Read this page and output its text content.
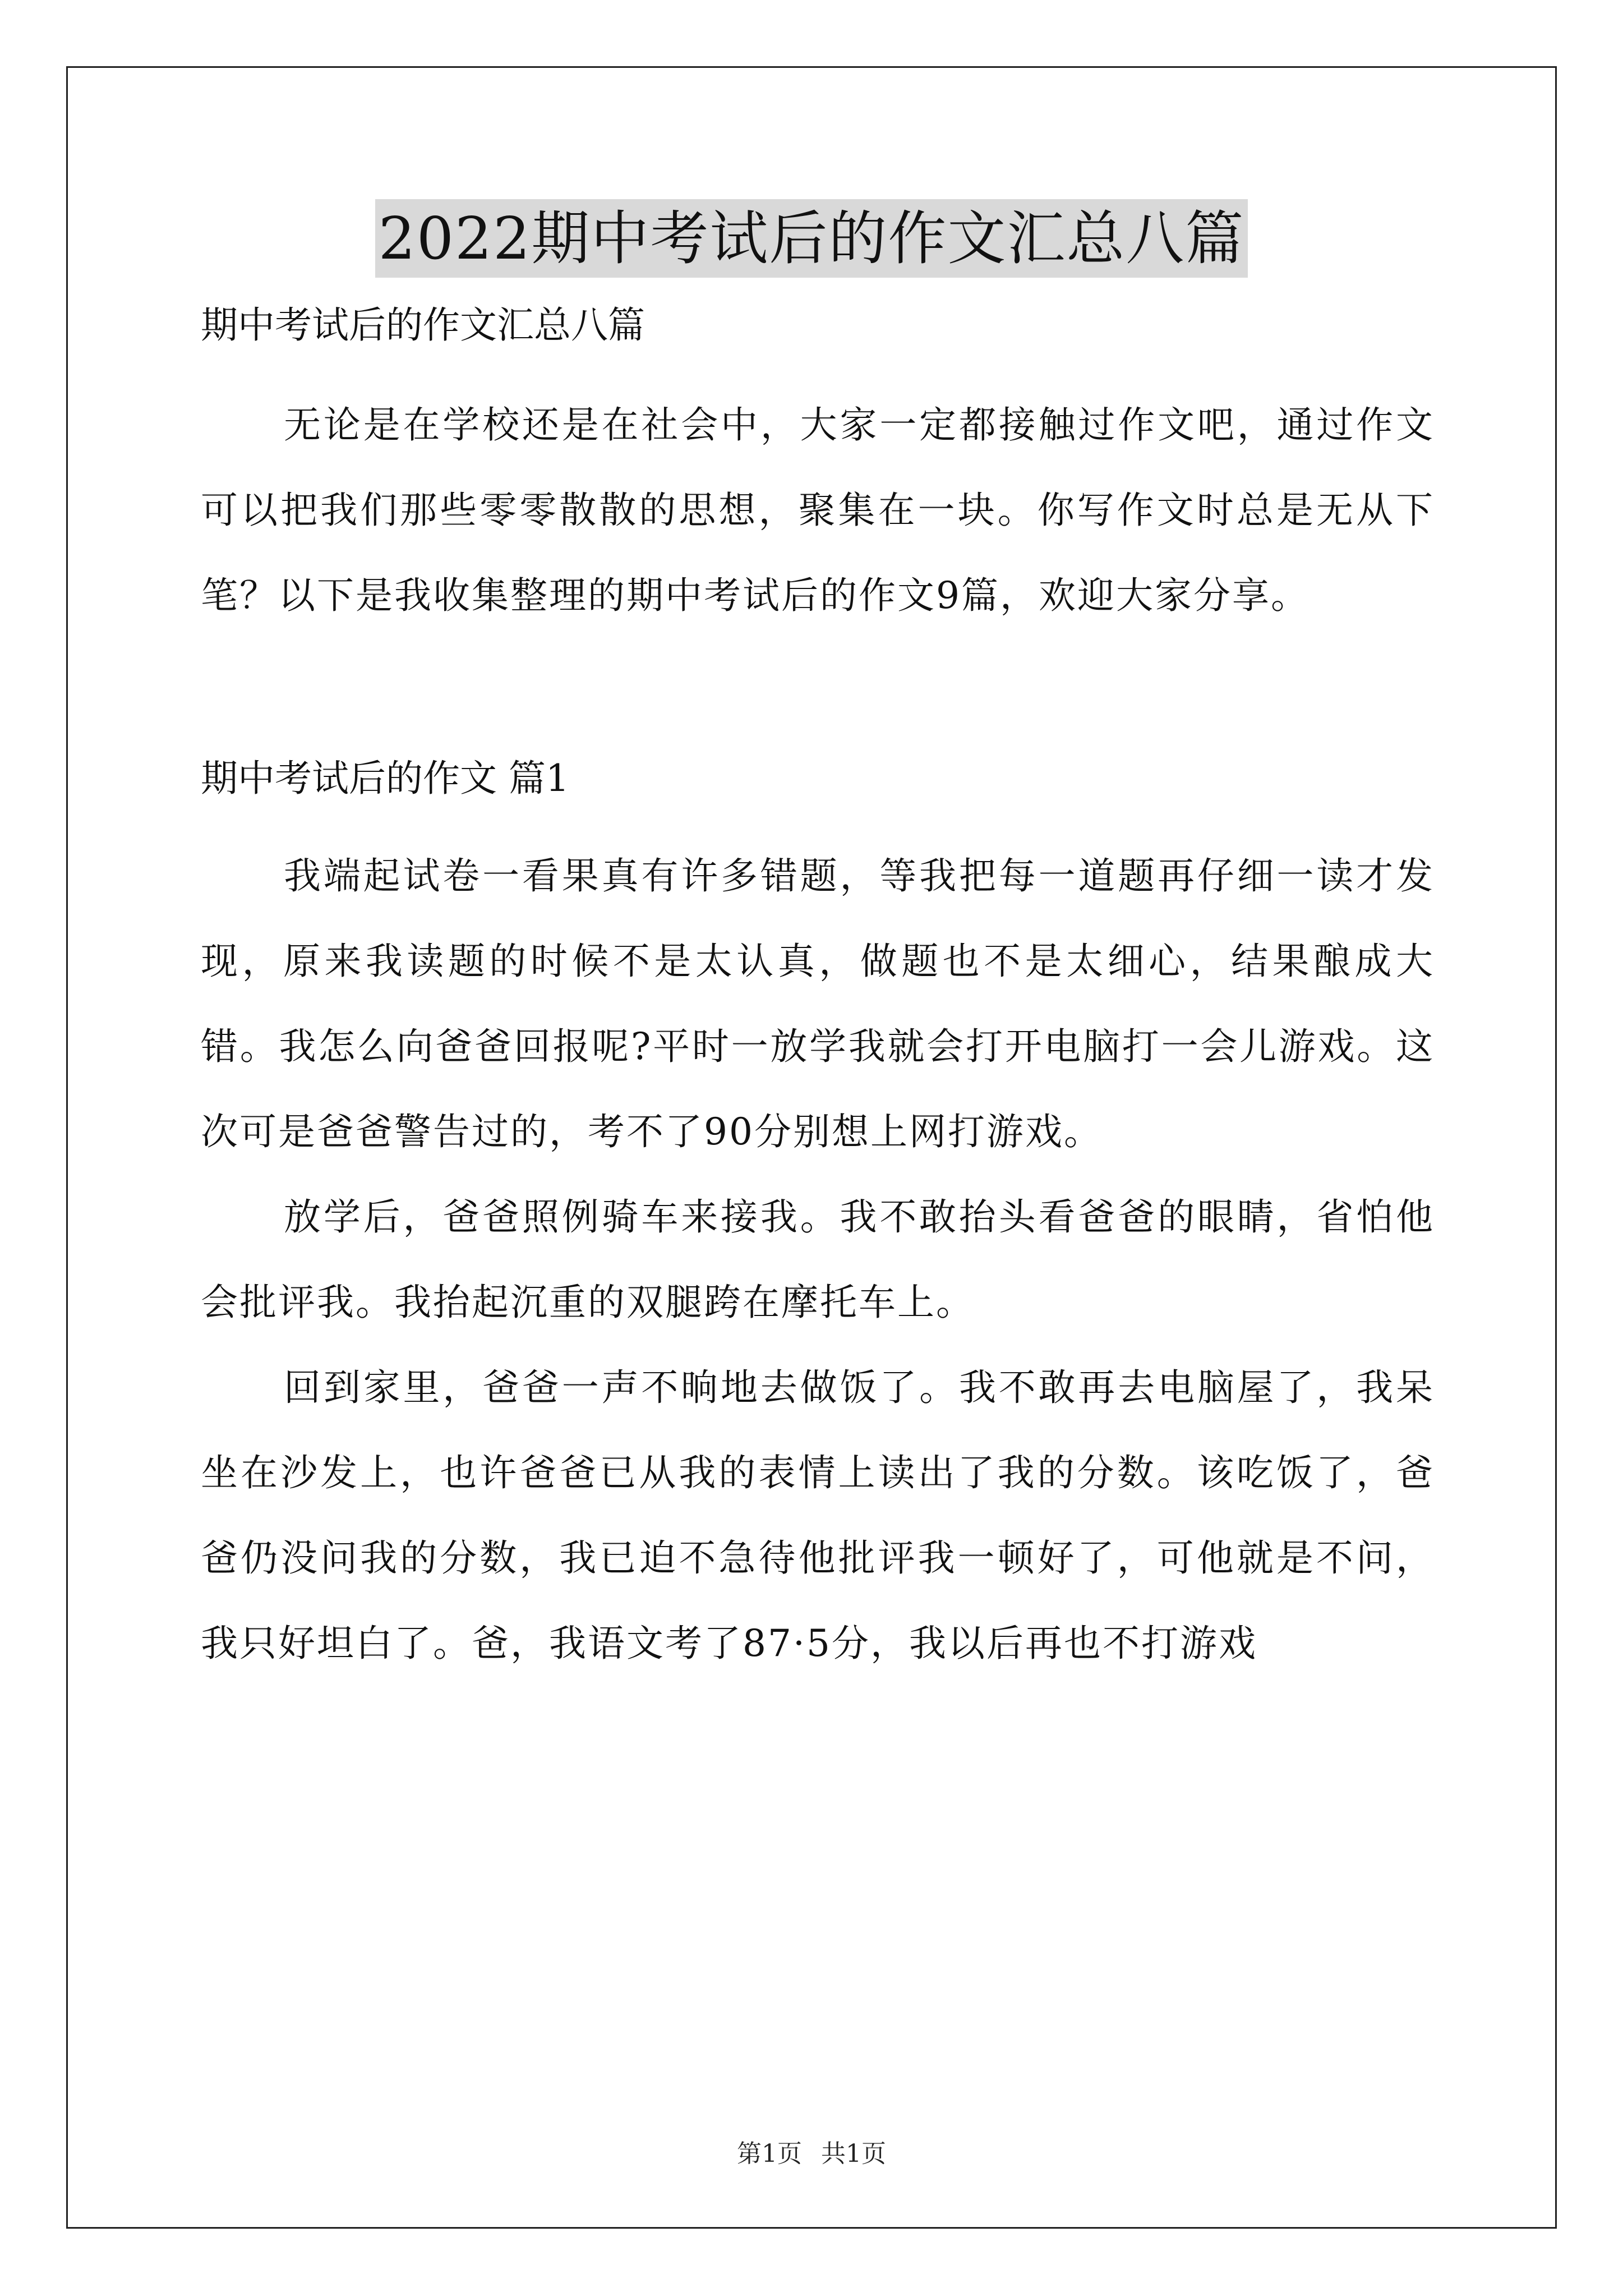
2022期中考试后的作文汇总八篇

期中考试后的作文汇总八篇

无论是在学校还是在社会中，大家一定都接触过作文吧，通过作文可以把我们那些零零散散的思想，聚集在一块。你写作文时总是无从下笔？以下是我收集整理的期中考试后的作文9篇，欢迎大家分享。

期中考试后的作文 篇1

我端起试卷一看果真有许多错题，等我把每一道题再仔细一读才发现，原来我读题的时候不是太认真，做题也不是太细心，结果酿成大错。我怎么向爸爸回报呢?平时一放学我就会打开电脑打一会儿游戏。这次可是爸爸警告过的，考不了90分别想上网打游戏。

放学后，爸爸照例骑车来接我。我不敢抬头看爸爸的眼睛，省怕他会批评我。我抬起沉重的双腿跨在摩托车上。

回到家里，爸爸一声不晌地去做饭了。我不敢再去电脑屋了，我呆坐在沙发上，也许爸爸已从我的表情上读出了我的分数。该吃饭了，爸爸仍没问我的分数，我已迫不急待他批评我一顿好了，可他就是不问，我只好坦白了。爸，我语文考了87·5分，我以后再也不打游戏

第1页 共1页
